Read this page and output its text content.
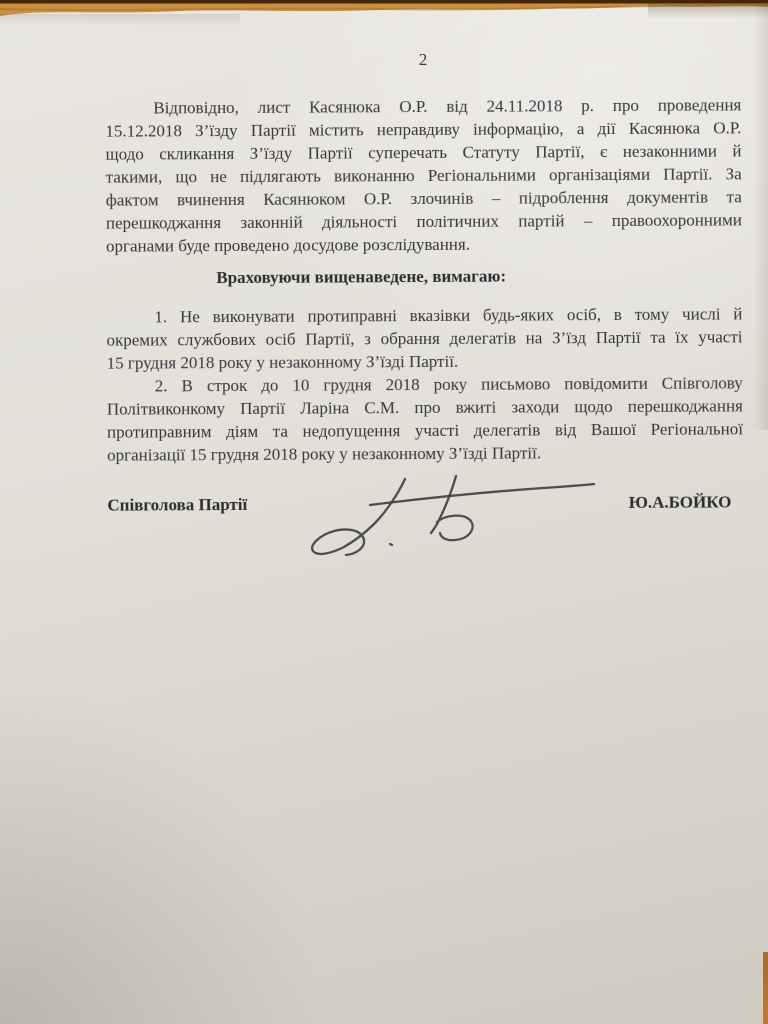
2
Відповідно, лист Касянюка О.Р. від 24.11.2018 р. про проведення
15.12.2018 З’їзду Партії містить неправдиву інформацію, а дії Касянюка О.Р.
щодо скликання З’їзду Партії суперечать Статуту Партії, є незаконними й
такими, що не підлягають виконанню Регіональними організаціями Партії. За
фактом вчинення Касянюком О.Р. злочинів – підроблення документів та
перешкоджання законній діяльності політичних партій – правоохоронними
органами буде проведено досудове розслідування.
Враховуючи вищенаведене, вимагаю:
1. Не виконувати протиправні вказівки будь-яких осіб, в тому числі й
окремих службових осіб Партії, з обрання делегатів на З’їзд Партії та їх участі
15 грудня 2018 року у незаконному З’їзді Партії.
2. В строк до 10 грудня 2018 року письмово повідомити Співголову
Політвиконкому Партії Ларіна С.М. про вжиті заходи щодо перешкоджання
протиправним діям та недопущення участі делегатів від Вашої Регіональної
організації 15 грудня 2018 року у незаконному З’їзді Партії.
Співголова Партії	Ю.А.БОЙКО
